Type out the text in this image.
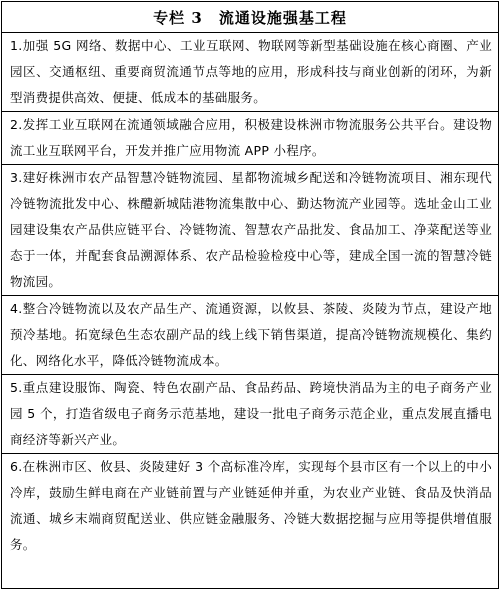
专栏 3　流通设施强基工程
1.加强 5G 网络、数据中心、工业互联网、物联网等新型基础设施在核心商圈、产业园区、交通枢纽、重要商贸流通节点等地的应用，形成科技与商业创新的闭环，为新型消费提供高效、便捷、低成本的基础服务。
2.发挥工业互联网在流通领域融合应用，积极建设株洲市物流服务公共平台。建设物流工业互联网平台，开发并推广应用物流 APP 小程序。
3.建好株洲市农产品智慧冷链物流园、星都物流城乡配送和冷链物流项目、湘东现代冷链物流批发中心、株醴新城陆港物流集散中心、勤达物流产业园等。选址金山工业园建设集农产品供应链平台、冷链物流、智慧农产品批发、食品加工、净菜配送等业态于一体，并配套食品溯源体系、农产品检验检疫中心等，建成全国一流的智慧冷链物流园。
4.整合冷链物流以及农产品生产、流通资源，以攸县、茶陵、炎陵为节点，建设产地预冷基地。拓宽绿色生态农副产品的线上线下销售渠道，提高冷链物流规模化、集约化、网络化水平，降低冷链物流成本。
5.重点建设服饰、陶瓷、特色农副产品、食品药品、跨境快消品为主的电子商务产业园 5 个，打造省级电子商务示范基地，建设一批电子商务示范企业，重点发展直播电商经济等新兴产业。
6.在株洲市区、攸县、炎陵建好 3 个高标准冷库，实现每个县市区有一个以上的中小冷库，鼓励生鲜电商在产业链前置与产业链延伸并重，为农业产业链、食品及快消品流通、城乡末端商贸配送业、供应链金融服务、冷链大数据挖掘与应用等提供增值服务。
